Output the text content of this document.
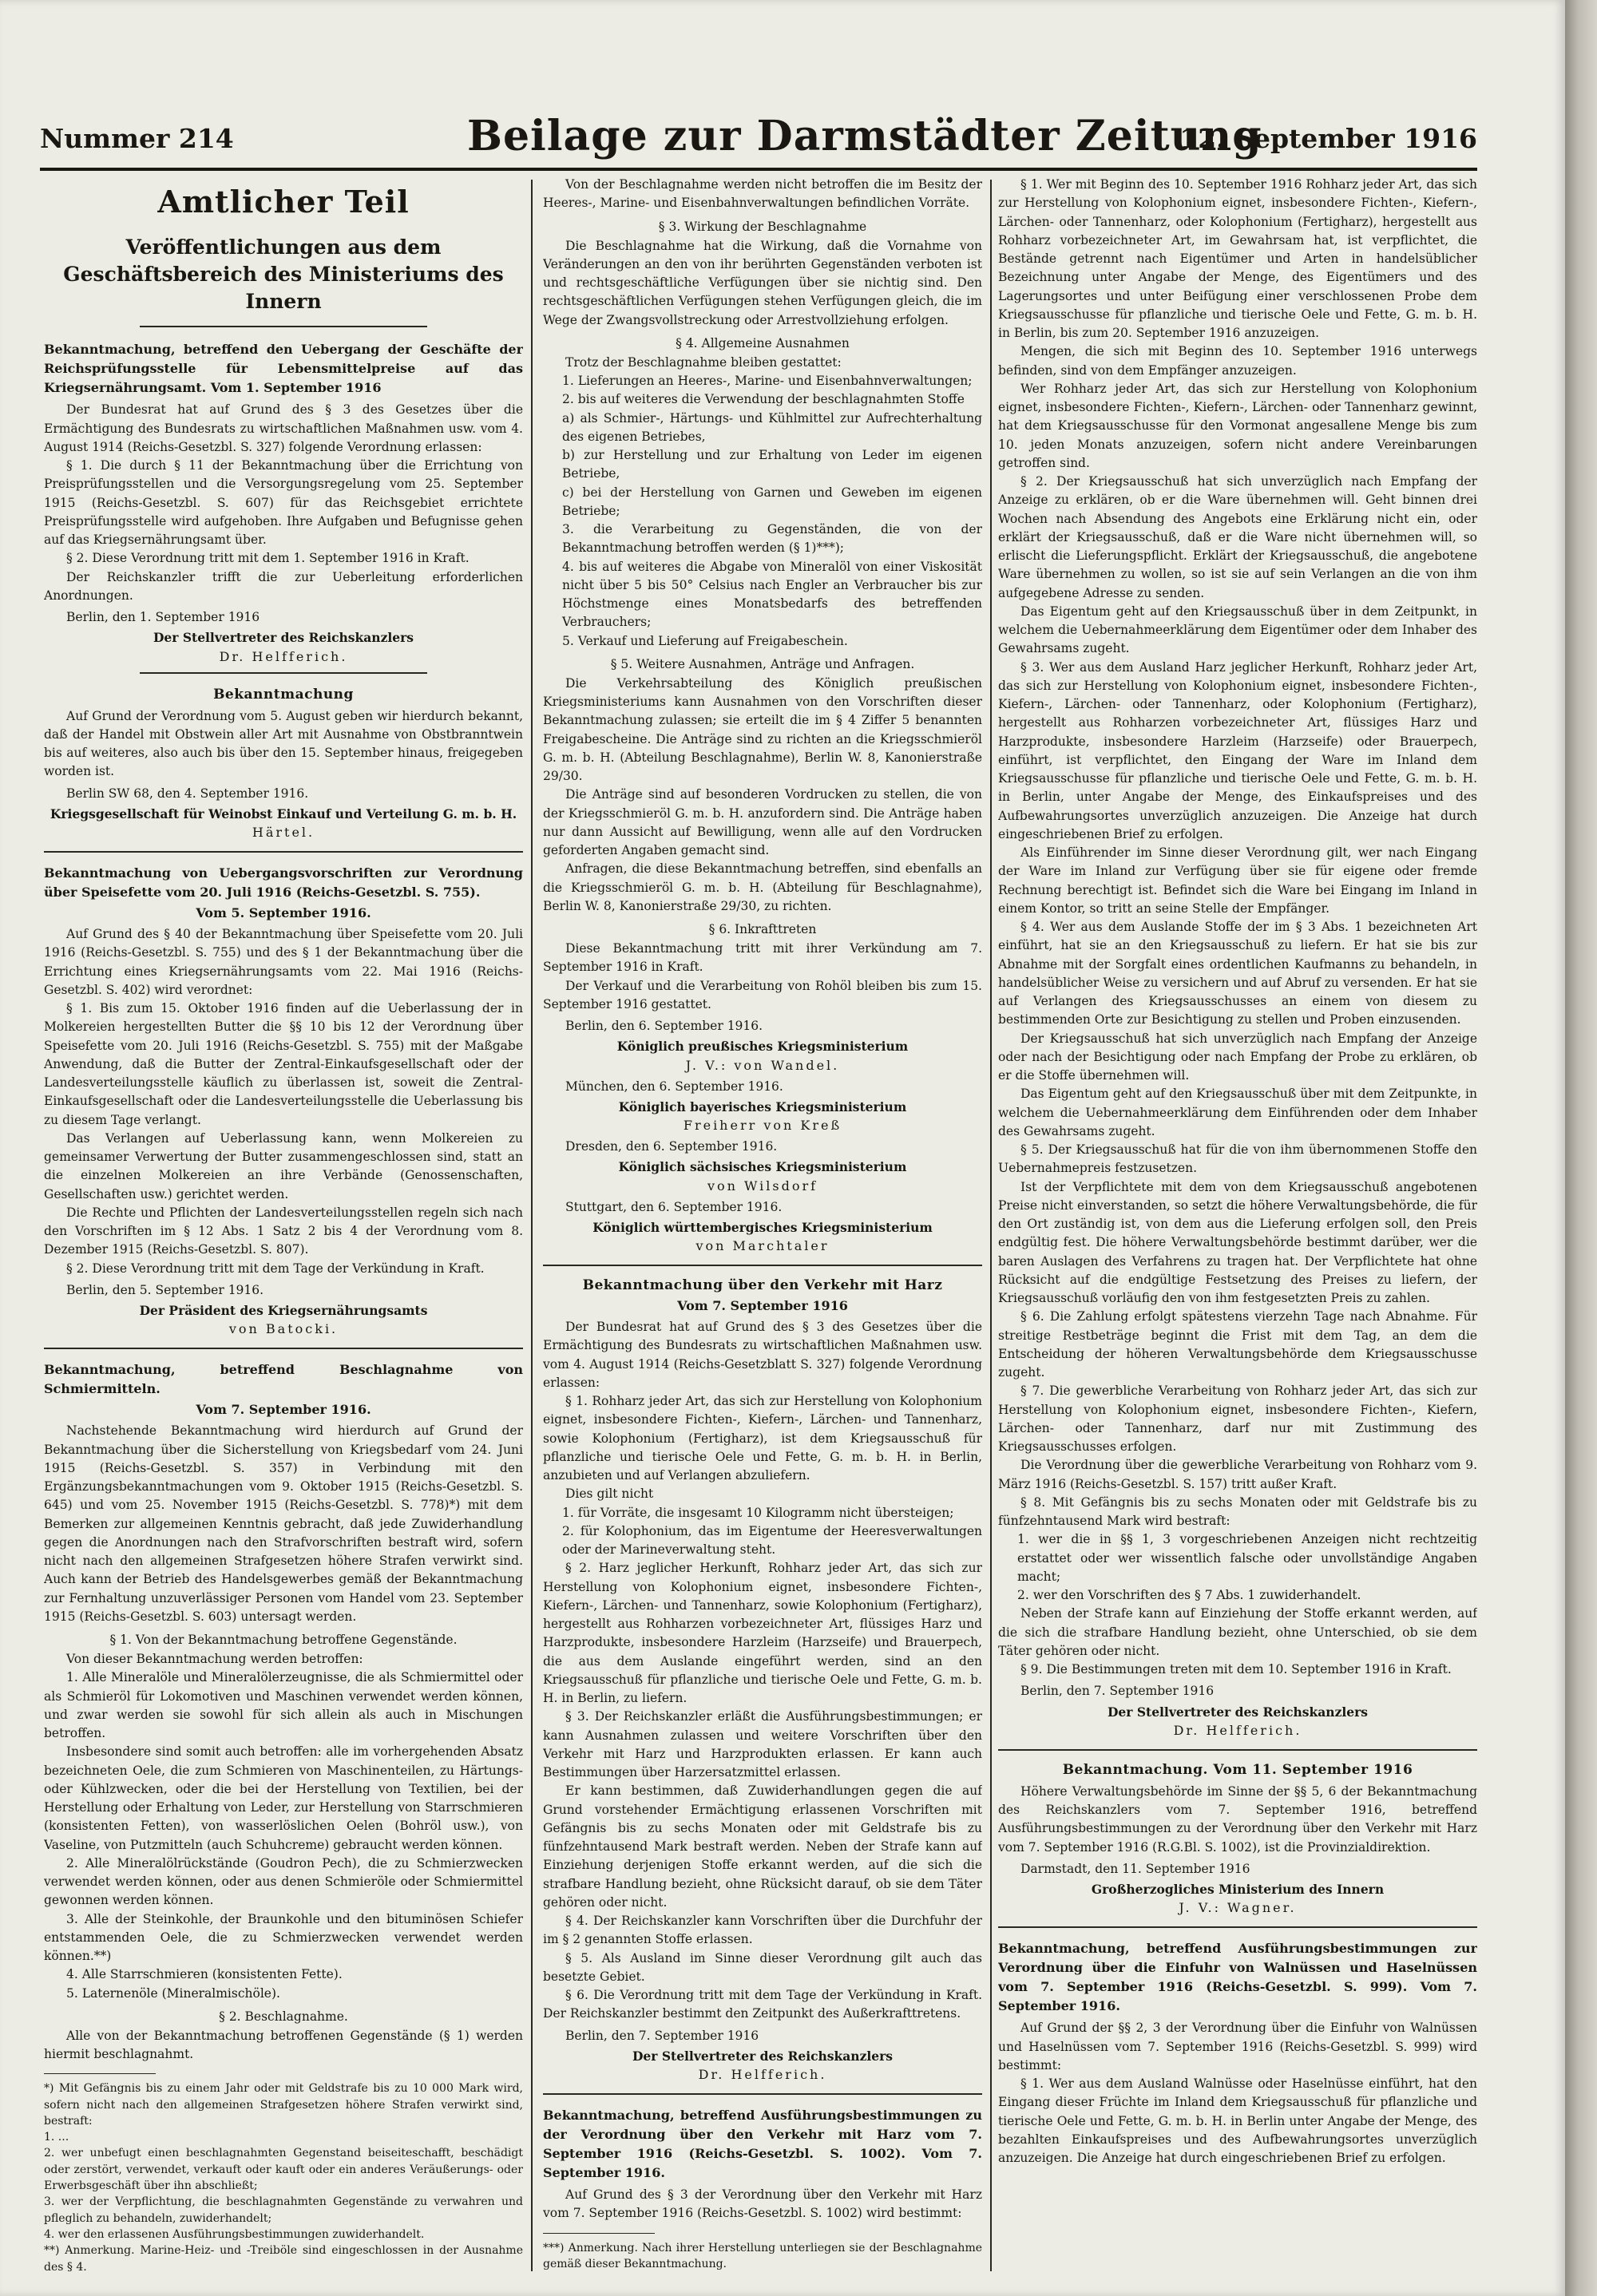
Nummer 214	Beilage zur Darmstädter Zeitung
12. September 1916
Amtlicher Teil
Veröffentlichungen aus dem Geschäftsbereich des Ministeriums des Innern
Bekanntmachung, betreffend den Uebergang der Geschäfte der Reichsprüfungsstelle für Lebensmittelpreise auf das Kriegsernährungsamt. Vom 1. September 1916

Der Bundesrat hat auf Grund des § 3 des Gesetzes über die Ermächtigung des Bundesrats zu wirtschaftlichen Maßnahmen usw. vom 4. August 1914 (Reichs-Gesetzbl. S. 327) folgende Verordnung erlassen:

§ 1. Die durch § 11 der Bekanntmachung über die Errichtung von Preisprüfungsstellen und die Versorgungsregelung vom 25. September 1915 (Reichs-Gesetzbl. S. 607) für das Reichsgebiet errichtete Preisprüfungsstelle wird aufgehoben. Ihre Aufgaben und Befugnisse gehen auf das Kriegsernährungsamt über.

§ 2. Diese Verordnung tritt mit dem 1. September 1916 in Kraft.

Der Reichskanzler trifft die zur Ueberleitung erforderlichen Anordnungen.

Berlin, den 1. September 1916
Der Stellvertreter des Reichskanzlers
Dr. Helfferich.
Bekanntmachung

Auf Grund der Verordnung vom 5. August geben wir hierdurch bekannt, daß der Handel mit Obstwein aller Art mit Ausnahme von Obstbranntwein bis auf weiteres, also auch bis über den 15. September hinaus, freigegeben worden ist.

Berlin SW 68, den 4. September 1916.
Kriegsgesellschaft für Weinobst Einkauf und Verteilung G. m. b. H.
Härtel.
Bekanntmachung von Uebergangsvorschriften zur Verordnung über Speisefette vom 20. Juli 1916 (Reichs-Gesetzbl. S. 755).
Vom 5. September 1916.

Auf Grund des § 40 der Bekanntmachung über Speisefette vom 20. Juli 1916 (Reichs-Gesetzbl. S. 755) und des § 1 der Bekanntmachung über die Errichtung eines Kriegsernährungsamts vom 22. Mai 1916 (Reichs-Gesetzbl. S. 402) wird verordnet:

§ 1. Bis zum 15. Oktober 1916 finden auf die Ueberlassung der in Molkereien hergestellten Butter die §§ 10 bis 12 der Verordnung über Speisefette vom 20. Juli 1916 (Reichs-Gesetzbl. S. 755) mit der Maßgabe Anwendung, daß die Butter der Zentral-Einkaufsgesellschaft oder der Landesverteilungsstelle käuflich zu überlassen ist, soweit die Zentral-Einkaufsgesellschaft oder die Landesverteilungsstelle die Ueberlassung bis zu diesem Tage verlangt.

Das Verlangen auf Ueberlassung kann, wenn Molkereien zu gemeinsamer Verwertung der Butter zusammengeschlossen sind, statt an die einzelnen Molkereien an ihre Verbände (Genossenschaften, Gesellschaften usw.) gerichtet werden.

Die Rechte und Pflichten der Landesverteilungsstellen regeln sich nach den Vorschriften im § 12 Abs. 1 Satz 2 bis 4 der Verordnung vom 8. Dezember 1915 (Reichs-Gesetzbl. S. 807).

§ 2. Diese Verordnung tritt mit dem Tage der Verkündung in Kraft.

Berlin, den 5. September 1916.
Der Präsident des Kriegsernährungsamts
von Batocki.
Bekanntmachung, betreffend Beschlagnahme von Schmiermitteln.
Vom 7. September 1916.

Nachstehende Bekanntmachung wird hierdurch auf Grund der Bekanntmachung über die Sicherstellung von Kriegsbedarf vom 24. Juni 1915 (Reichs-Gesetzbl. S. 357) in Verbindung mit den Ergänzungsbekanntmachungen vom 9. Oktober 1915 (Reichs-Gesetzbl. S. 645) und vom 25. November 1915 (Reichs-Gesetzbl. S. 778)*) mit dem Bemerken zur allgemeinen Kenntnis gebracht, daß jede Zuwiderhandlung gegen die Anordnungen nach den Strafvorschriften bestraft wird, sofern nicht nach den allgemeinen Strafgesetzen höhere Strafen verwirkt sind. Auch kann der Betrieb des Handelsgewerbes gemäß der Bekanntmachung zur Fernhaltung unzuverlässiger Personen vom Handel vom 23. September 1915 (Reichs-Gesetzbl. S. 603) untersagt werden.

§ 1. Von der Bekanntmachung betroffene Gegenstände.

Von dieser Bekanntmachung werden betroffen:

1. Alle Mineralöle und Mineralölerzeugnisse, die als Schmiermittel oder als Schmieröl für Lokomotiven und Maschinen verwendet werden können, und zwar werden sie sowohl für sich allein als auch in Mischungen betroffen.

Insbesondere sind somit auch betroffen: alle im vorhergehenden Absatz bezeichneten Oele, die zum Schmieren von Maschinenteilen, zu Härtungs- oder Kühlzwecken, oder die bei der Herstellung von Textilien, bei der Herstellung oder Erhaltung von Leder, zur Herstellung von Starrschmieren (konsistenten Fetten), von wasserlöslichen Oelen (Bohröl usw.), von Vaseline, von Putzmitteln (auch Schuhcreme) gebraucht werden können.

2. Alle Mineralölrückstände (Goudron Pech), die zu Schmierzwecken verwendet werden können, oder aus denen Schmieröle oder Schmiermittel gewonnen werden können.

3. Alle der Steinkohle, der Braunkohle und den bituminösen Schiefer entstammenden Oele, die zu Schmierzwecken verwendet werden können.**)

4. Alle Starrschmieren (konsistenten Fette).

5. Laternenöle (Mineralmischöle).

§ 2. Beschlagnahme.

Alle von der Bekanntmachung betroffenen Gegenstände (§ 1) werden hiermit beschlagnahmt.

*) Mit Gefängnis bis zu einem Jahr oder mit Geldstrafe bis zu 10 000 Mark wird, sofern nicht nach den allgemeinen Strafgesetzen höhere Strafen verwirkt sind, bestraft:
1. ...
2. wer unbefugt einen beschlagnahmten Gegenstand beiseiteschafft, beschädigt oder zerstört, verwendet, verkauft oder kauft oder ein anderes Veräußerungs- oder Erwerbsgeschäft über ihn abschließt;
3. wer der Verpflichtung, die beschlagnahmten Gegenstände zu verwahren und pfleglich zu behandeln, zuwiderhandelt;
4. wer den erlassenen Ausführungsbestimmungen zuwiderhandelt.
**) Anmerkung. Marine-Heiz- und -Treiböle sind eingeschlossen in der Ausnahme des § 4.

Von der Beschlagnahme werden nicht betroffen die im Besitz der Heeres-, Marine- und Eisenbahnverwaltungen befindlichen Vorräte.

§ 3. Wirkung der Beschlagnahme

Die Beschlagnahme hat die Wirkung, daß die Vornahme von Veränderungen an den von ihr berührten Gegenständen verboten ist und rechtsgeschäftliche Verfügungen über sie nichtig sind. Den rechtsgeschäftlichen Verfügungen stehen Verfügungen gleich, die im Wege der Zwangsvollstreckung oder Arrestvollziehung erfolgen.

§ 4. Allgemeine Ausnahmen

Trotz der Beschlagnahme bleiben gestattet:

1. Lieferungen an Heeres-, Marine- und Eisenbahnverwaltungen;

2. bis auf weiteres die Verwendung der beschlagnahmten Stoffe

a) als Schmier-, Härtungs- und Kühlmittel zur Aufrechterhaltung des eigenen Betriebes,

b) zur Herstellung und zur Erhaltung von Leder im eigenen Betriebe,

c) bei der Herstellung von Garnen und Geweben im eigenen Betriebe;

3. die Verarbeitung zu Gegenständen, die von der Bekanntmachung betroffen werden (§ 1)***);

4. bis auf weiteres die Abgabe von Mineralöl von einer Viskosität nicht über 5 bis 50° Celsius nach Engler an Verbraucher bis zur Höchstmenge eines Monatsbedarfs des betreffenden Verbrauchers;

5. Verkauf und Lieferung auf Freigabeschein.

§ 5. Weitere Ausnahmen, Anträge und Anfragen.

Die Verkehrsabteilung des Königlich preußischen Kriegsministeriums kann Ausnahmen von den Vorschriften dieser Bekanntmachung zulassen; sie erteilt die im § 4 Ziffer 5 benannten Freigabescheine. Die Anträge sind zu richten an die Kriegsschmieröl G. m. b. H. (Abteilung Beschlagnahme), Berlin W. 8, Kanonierstraße 29/30.

Die Anträge sind auf besonderen Vordrucken zu stellen, die von der Kriegsschmieröl G. m. b. H. anzufordern sind. Die Anträge haben nur dann Aussicht auf Bewilligung, wenn alle auf den Vordrucken geforderten Angaben gemacht sind.

Anfragen, die diese Bekanntmachung betreffen, sind ebenfalls an die Kriegsschmieröl G. m. b. H. (Abteilung für Beschlagnahme), Berlin W. 8, Kanonierstraße 29/30, zu richten.

§ 6. Inkrafttreten

Diese Bekanntmachung tritt mit ihrer Verkündung am 7. September 1916 in Kraft.

Der Verkauf und die Verarbeitung von Rohöl bleiben bis zum 15. September 1916 gestattet.

Berlin, den 6. September 1916.
Königlich preußisches Kriegsministerium
J. V.: von Wandel.
München, den 6. September 1916.
Königlich bayerisches Kriegsministerium
Freiherr von Kreß
Dresden, den 6. September 1916.
Königlich sächsisches Kriegsministerium
von Wilsdorf
Stuttgart, den 6. September 1916.
Königlich württembergisches Kriegsministerium
von Marchtaler
Bekanntmachung über den Verkehr mit Harz
Vom 7. September 1916

Der Bundesrat hat auf Grund des § 3 des Gesetzes über die Ermächtigung des Bundesrats zu wirtschaftlichen Maßnahmen usw. vom 4. August 1914 (Reichs-Gesetzblatt S. 327) folgende Verordnung erlassen:

§ 1. Rohharz jeder Art, das sich zur Herstellung von Kolophonium eignet, insbesondere Fichten-, Kiefern-, Lärchen- und Tannenharz, sowie Kolophonium (Fertigharz), ist dem Kriegsausschuß für pflanzliche und tierische Oele und Fette, G. m. b. H. in Berlin, anzubieten und auf Verlangen abzuliefern.

Dies gilt nicht

1. für Vorräte, die insgesamt 10 Kilogramm nicht übersteigen;

2. für Kolophonium, das im Eigentume der Heeresverwaltungen oder der Marineverwaltung steht.

§ 2. Harz jeglicher Herkunft, Rohharz jeder Art, das sich zur Herstellung von Kolophonium eignet, insbesondere Fichten-, Kiefern-, Lärchen- und Tannenharz, sowie Kolophonium (Fertigharz), hergestellt aus Rohharzen vorbezeichneter Art, flüssiges Harz und Harzprodukte, insbesondere Harzleim (Harzseife) und Brauerpech, die aus dem Auslande eingeführt werden, sind an den Kriegsausschuß für pflanzliche und tierische Oele und Fette, G. m. b. H. in Berlin, zu liefern.

§ 3. Der Reichskanzler erläßt die Ausführungsbestimmungen; er kann Ausnahmen zulassen und weitere Vorschriften über den Verkehr mit Harz und Harzprodukten erlassen. Er kann auch Bestimmungen über Harzersatzmittel erlassen.

Er kann bestimmen, daß Zuwiderhandlungen gegen die auf Grund vorstehender Ermächtigung erlassenen Vorschriften mit Gefängnis bis zu sechs Monaten oder mit Geldstrafe bis zu fünfzehntausend Mark bestraft werden. Neben der Strafe kann auf Einziehung derjenigen Stoffe erkannt werden, auf die sich die strafbare Handlung bezieht, ohne Rücksicht darauf, ob sie dem Täter gehören oder nicht.

§ 4. Der Reichskanzler kann Vorschriften über die Durchfuhr der im § 2 genannten Stoffe erlassen.

§ 5. Als Ausland im Sinne dieser Verordnung gilt auch das besetzte Gebiet.

§ 6. Die Verordnung tritt mit dem Tage der Verkündung in Kraft. Der Reichskanzler bestimmt den Zeitpunkt des Außerkrafttretens.

Berlin, den 7. September 1916
Der Stellvertreter des Reichskanzlers
Dr. Helfferich.
Bekanntmachung, betreffend Ausführungsbestimmungen zu der Verordnung über den Verkehr mit Harz vom 7. September 1916 (Reichs-Gesetzbl. S. 1002). Vom 7. September 1916.

Auf Grund des § 3 der Verordnung über den Verkehr mit Harz vom 7. September 1916 (Reichs-Gesetzbl. S. 1002) wird bestimmt:

***) Anmerkung. Nach ihrer Herstellung unterliegen sie der Beschlagnahme gemäß dieser Bekanntmachung.

§ 1. Wer mit Beginn des 10. September 1916 Rohharz jeder Art, das sich zur Herstellung von Kolophonium eignet, insbesondere Fichten-, Kiefern-, Lärchen- oder Tannenharz, oder Kolophonium (Fertigharz), hergestellt aus Rohharz vorbezeichneter Art, im Gewahrsam hat, ist verpflichtet, die Bestände getrennt nach Eigentümer und Arten in handelsüblicher Bezeichnung unter Angabe der Menge, des Eigentümers und des Lagerungsortes und unter Beifügung einer verschlossenen Probe dem Kriegsausschusse für pflanzliche und tierische Oele und Fette, G. m. b. H. in Berlin, bis zum 20. September 1916 anzuzeigen.

Mengen, die sich mit Beginn des 10. September 1916 unterwegs befinden, sind von dem Empfänger anzuzeigen.

Wer Rohharz jeder Art, das sich zur Herstellung von Kolophonium eignet, insbesondere Fichten-, Kiefern-, Lärchen- oder Tannenharz gewinnt, hat dem Kriegsausschusse für den Vormonat angesallene Menge bis zum 10. jeden Monats anzuzeigen, sofern nicht andere Vereinbarungen getroffen sind.

§ 2. Der Kriegsausschuß hat sich unverzüglich nach Empfang der Anzeige zu erklären, ob er die Ware übernehmen will. Geht binnen drei Wochen nach Absendung des Angebots eine Erklärung nicht ein, oder erklärt der Kriegsausschuß, daß er die Ware nicht übernehmen will, so erlischt die Lieferungspflicht. Erklärt der Kriegsausschuß, die angebotene Ware übernehmen zu wollen, so ist sie auf sein Verlangen an die von ihm aufgegebene Adresse zu senden.

Das Eigentum geht auf den Kriegsausschuß über in dem Zeitpunkt, in welchem die Uebernahmeerklärung dem Eigentümer oder dem Inhaber des Gewahrsams zugeht.

§ 3. Wer aus dem Ausland Harz jeglicher Herkunft, Rohharz jeder Art, das sich zur Herstellung von Kolophonium eignet, insbesondere Fichten-, Kiefern-, Lärchen- oder Tannenharz, oder Kolophonium (Fertigharz), hergestellt aus Rohharzen vorbezeichneter Art, flüssiges Harz und Harzprodukte, insbesondere Harzleim (Harzseife) oder Brauerpech, einführt, ist verpflichtet, den Eingang der Ware im Inland dem Kriegsausschusse für pflanzliche und tierische Oele und Fette, G. m. b. H. in Berlin, unter Angabe der Menge, des Einkaufspreises und des Aufbewahrungsortes unverzüglich anzuzeigen. Die Anzeige hat durch eingeschriebenen Brief zu erfolgen.

Als Einführender im Sinne dieser Verordnung gilt, wer nach Eingang der Ware im Inland zur Verfügung über sie für eigene oder fremde Rechnung berechtigt ist. Befindet sich die Ware bei Eingang im Inland in einem Kontor, so tritt an seine Stelle der Empfänger.

§ 4. Wer aus dem Auslande Stoffe der im § 3 Abs. 1 bezeichneten Art einführt, hat sie an den Kriegsausschuß zu liefern. Er hat sie bis zur Abnahme mit der Sorgfalt eines ordentlichen Kaufmanns zu behandeln, in handelsüblicher Weise zu versichern und auf Abruf zu versenden. Er hat sie auf Verlangen des Kriegsausschusses an einem von diesem zu bestimmenden Orte zur Besichtigung zu stellen und Proben einzusenden.

Der Kriegsausschuß hat sich unverzüglich nach Empfang der Anzeige oder nach der Besichtigung oder nach Empfang der Probe zu erklären, ob er die Stoffe übernehmen will.

Das Eigentum geht auf den Kriegsausschuß über mit dem Zeitpunkte, in welchem die Uebernahmeerklärung dem Einführenden oder dem Inhaber des Gewahrsams zugeht.

§ 5. Der Kriegsausschuß hat für die von ihm übernommenen Stoffe den Uebernahmepreis festzusetzen.

Ist der Verpflichtete mit dem von dem Kriegsausschuß angebotenen Preise nicht einverstanden, so setzt die höhere Verwaltungsbehörde, die für den Ort zuständig ist, von dem aus die Lieferung erfolgen soll, den Preis endgültig fest. Die höhere Verwaltungsbehörde bestimmt darüber, wer die baren Auslagen des Verfahrens zu tragen hat. Der Verpflichtete hat ohne Rücksicht auf die endgültige Festsetzung des Preises zu liefern, der Kriegsausschuß vorläufig den von ihm festgesetzten Preis zu zahlen.

§ 6. Die Zahlung erfolgt spätestens vierzehn Tage nach Abnahme. Für streitige Restbeträge beginnt die Frist mit dem Tag, an dem die Entscheidung der höheren Verwaltungsbehörde dem Kriegsausschusse zugeht.

§ 7. Die gewerbliche Verarbeitung von Rohharz jeder Art, das sich zur Herstellung von Kolophonium eignet, insbesondere Fichten-, Kiefern, Lärchen- oder Tannenharz, darf nur mit Zustimmung des Kriegsausschusses erfolgen.

Die Verordnung über die gewerbliche Verarbeitung von Rohharz vom 9. März 1916 (Reichs-Gesetzbl. S. 157) tritt außer Kraft.

§ 8. Mit Gefängnis bis zu sechs Monaten oder mit Geldstrafe bis zu fünfzehntausend Mark wird bestraft:

1. wer die in §§ 1, 3 vorgeschriebenen Anzeigen nicht rechtzeitig erstattet oder wer wissentlich falsche oder unvollständige Angaben macht;

2. wer den Vorschriften des § 7 Abs. 1 zuwiderhandelt.

Neben der Strafe kann auf Einziehung der Stoffe erkannt werden, auf die sich die strafbare Handlung bezieht, ohne Unterschied, ob sie dem Täter gehören oder nicht.

§ 9. Die Bestimmungen treten mit dem 10. September 1916 in Kraft.

Berlin, den 7. September 1916
Der Stellvertreter des Reichskanzlers
Dr. Helfferich.
Bekanntmachung. Vom 11. September 1916

Höhere Verwaltungsbehörde im Sinne der §§ 5, 6 der Bekanntmachung des Reichskanzlers vom 7. September 1916, betreffend Ausführungsbestimmungen zu der Verordnung über den Verkehr mit Harz vom 7. September 1916 (R.G.Bl. S. 1002), ist die Provinzialdirektion.

Darmstadt, den 11. September 1916
Großherzogliches Ministerium des Innern
J. V.: Wagner.
Bekanntmachung, betreffend Ausführungsbestimmungen zur Verordnung über die Einfuhr von Walnüssen und Haselnüssen vom 7. September 1916 (Reichs-Gesetzbl. S. 999). Vom 7. September 1916.

Auf Grund der §§ 2, 3 der Verordnung über die Einfuhr von Walnüssen und Haselnüssen vom 7. September 1916 (Reichs-Gesetzbl. S. 999) wird bestimmt:

§ 1. Wer aus dem Ausland Walnüsse oder Haselnüsse einführt, hat den Eingang dieser Früchte im Inland dem Kriegsausschuß für pflanzliche und tierische Oele und Fette, G. m. b. H. in Berlin unter Angabe der Menge, des bezahlten Einkaufspreises und des Aufbewahrungsortes unverzüglich anzuzeigen. Die Anzeige hat durch eingeschriebenen Brief zu erfolgen.
